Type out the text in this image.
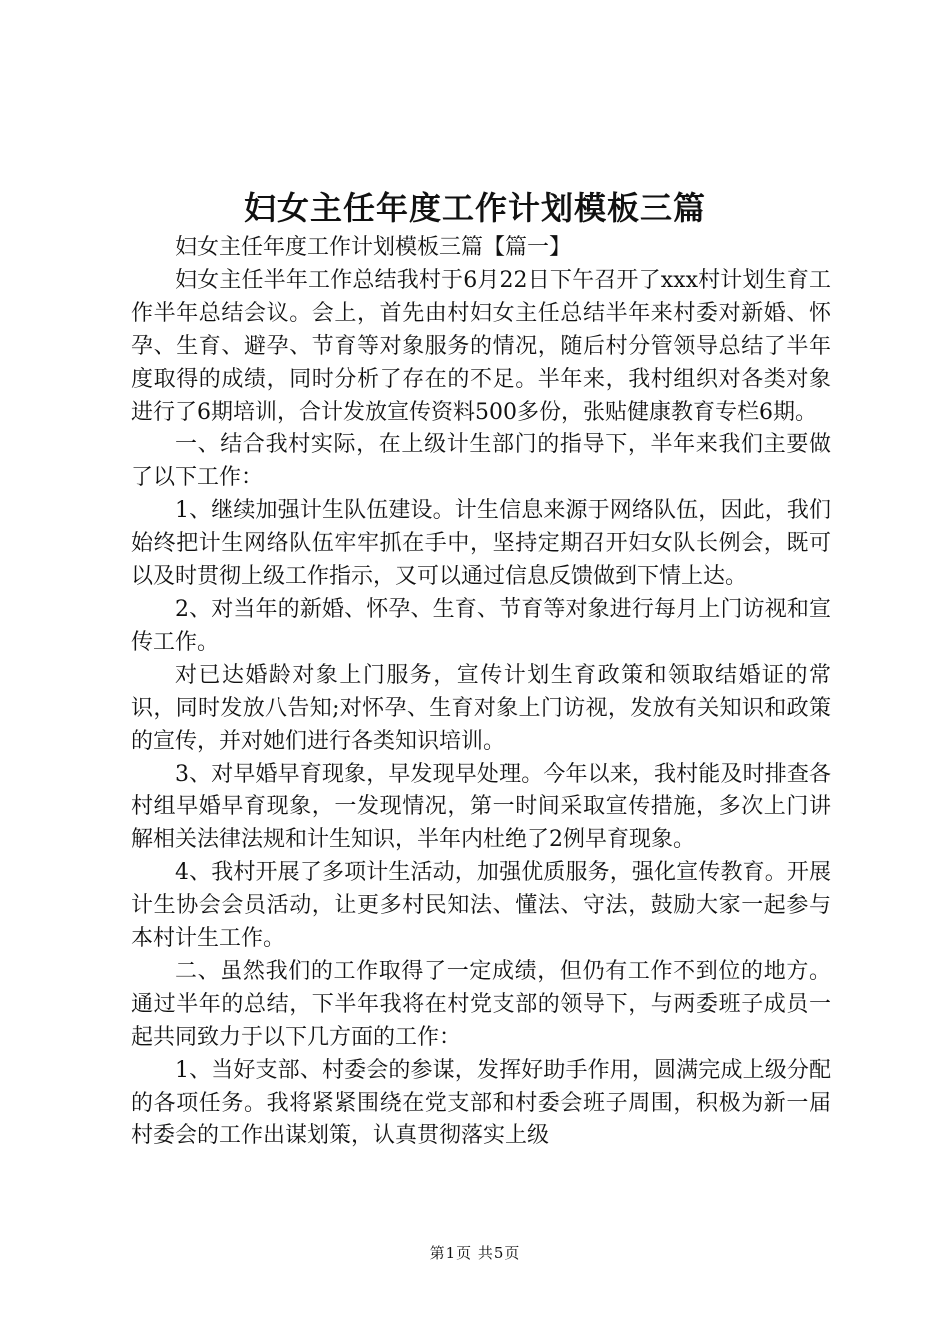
妇女主任年度工作计划模板三篇

妇女主任年度工作计划模板三篇【篇一】

妇女主任半年工作总结我村于6月22日下午召开了xxx村计划生育工作半年总结会议。会上，首先由村妇女主任总结半年来村委对新婚、怀孕、生育、避孕、节育等对象服务的情况，随后村分管领导总结了半年度取得的成绩，同时分析了存在的不足。半年来，我村组织对各类对象进行了6期培训，合计发放宣传资料500多份，张贴健康教育专栏6期。

一、结合我村实际，在上级计生部门的指导下，半年来我们主要做了以下工作：

1、继续加强计生队伍建设。计生信息来源于网络队伍，因此，我们始终把计生网络队伍牢牢抓在手中，坚持定期召开妇女队长例会，既可以及时贯彻上级工作指示，又可以通过信息反馈做到下情上达。

2、对当年的新婚、怀孕、生育、节育等对象进行每月上门访视和宣传工作。

对已达婚龄对象上门服务，宣传计划生育政策和领取结婚证的常识，同时发放八告知;对怀孕、生育对象上门访视，发放有关知识和政策的宣传，并对她们进行各类知识培训。

3、对早婚早育现象，早发现早处理。今年以来，我村能及时排查各村组早婚早育现象，一发现情况，第一时间采取宣传措施，多次上门讲解相关法律法规和计生知识，半年内杜绝了2例早育现象。

4、我村开展了多项计生活动，加强优质服务，强化宣传教育。开展计生协会会员活动，让更多村民知法、懂法、守法，鼓励大家一起参与本村计生工作。

二、虽然我们的工作取得了一定成绩，但仍有工作不到位的地方。通过半年的总结，下半年我将在村党支部的领导下，与两委班子成员一起共同致力于以下几方面的工作：

1、当好支部、村委会的参谋，发挥好助手作用，圆满完成上级分配的各项任务。我将紧紧围绕在党支部和村委会班子周围，积极为新一届村委会的工作出谋划策，认真贯彻落实上级

第1页 共5页
